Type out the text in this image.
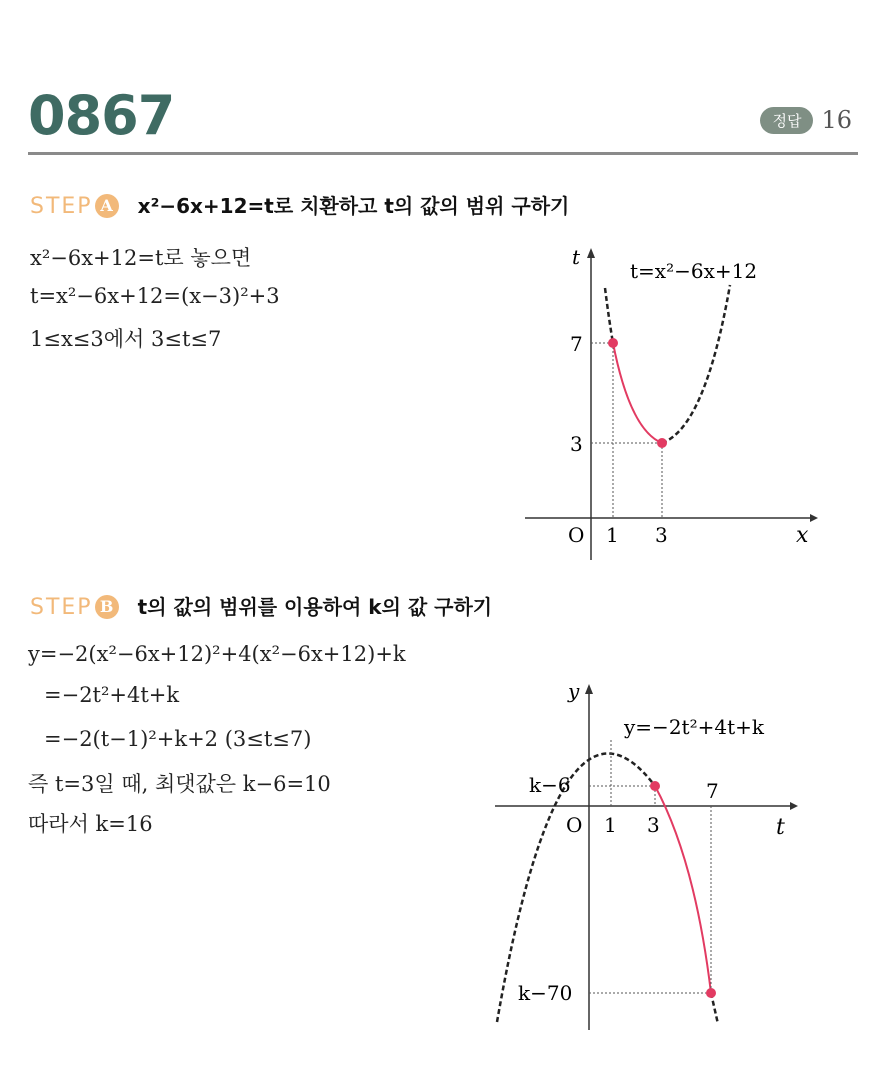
0867	정답 16
STEP A x²−6x+12=t로 치환하고 t의 값의 범위 구하기
x²−6x+12=t로 놓으면
t=x²−6x+12=(x−3)²+3
1≤x≤3에서 3≤t≤7
t
x
O 1 3
7
3
t=x²−6x+12
STEP B t의 값의 범위를 이용하여 k의 값 구하기
y=−2(x²−6x+12)²+4(x²−6x+12)+k
=−2t²+4t+k
=−2(t−1)²+k+2 (3≤t≤7)
즉 t=3일 때, 최댓값은 k−6=10
따라서 k=16
y
t
O 1 3
7
k−6
k−70
y=−2t²+4t+k
